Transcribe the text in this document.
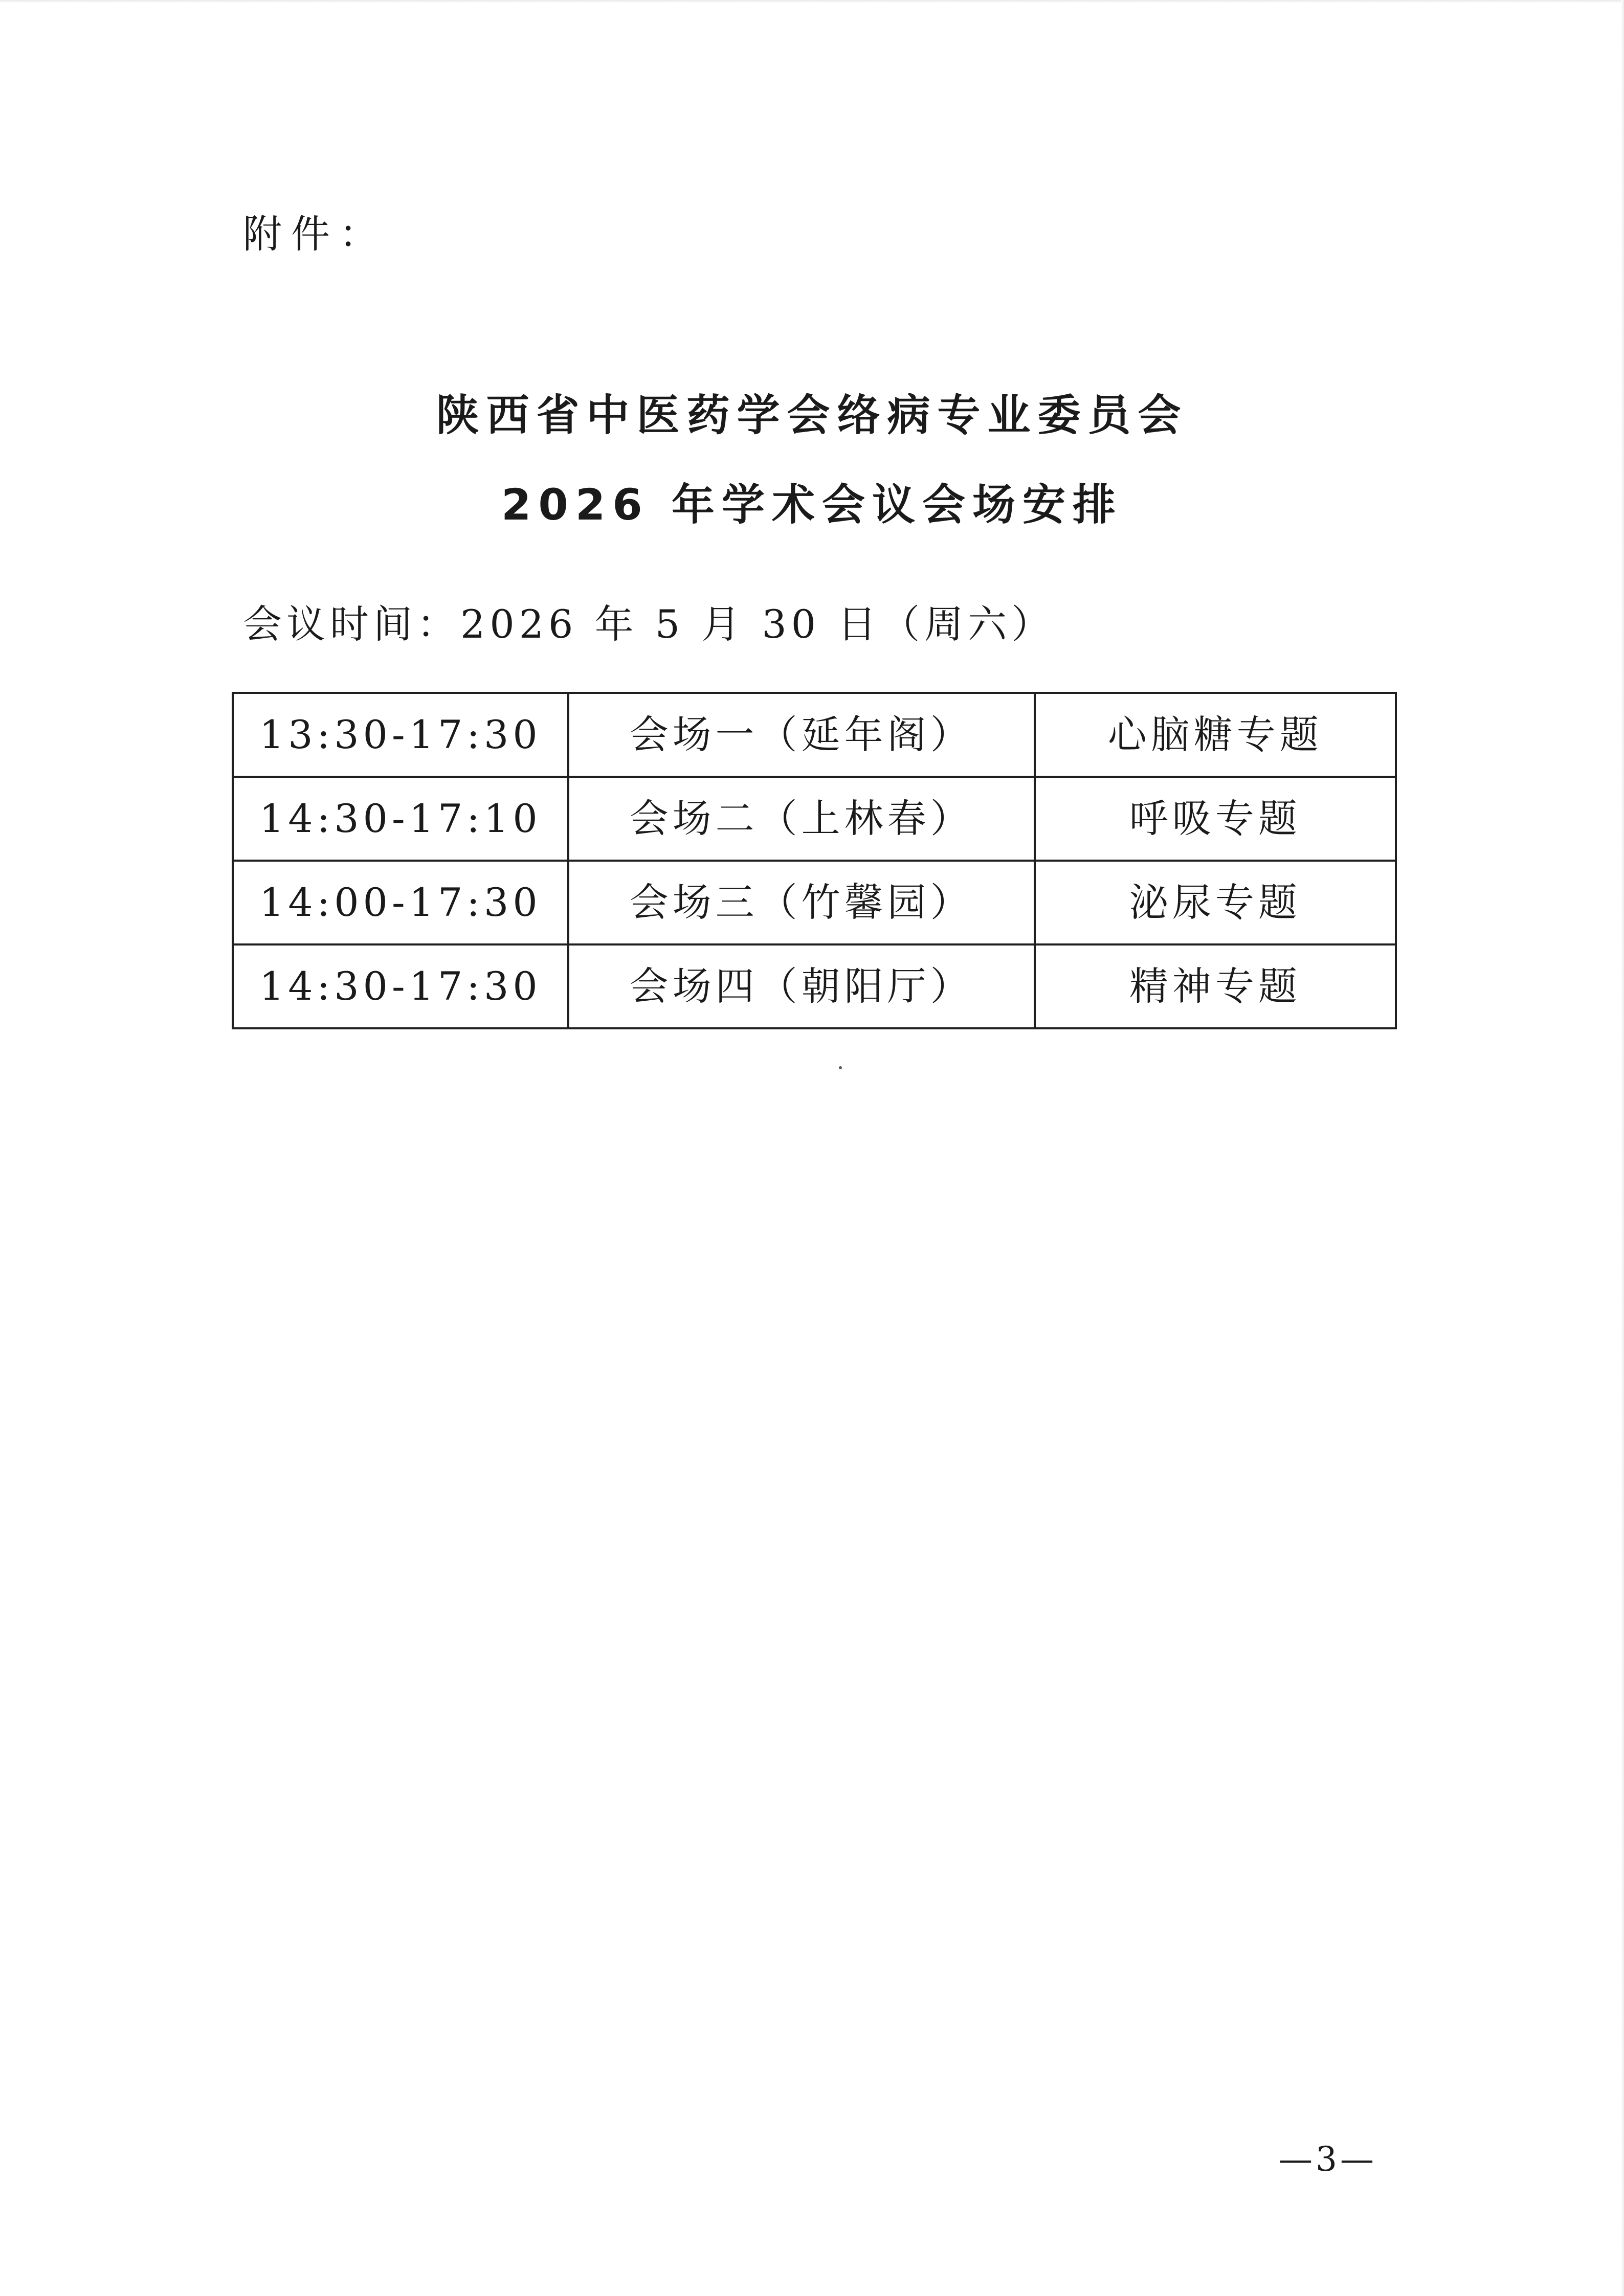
附件：
陕西省中医药学会络病专业委员会
2026 年学术会议会场安排
会议时间：2026 年 5 月 30 日（周六）
13:30-17:30	会场一（延年阁）	心脑糖专题
14:30-17:10	会场二（上林春）	呼吸专题
14:00-17:30	会场三（竹馨园）	泌尿专题
14:30-17:30	会场四（朝阳厅）	精神专题
—3—
